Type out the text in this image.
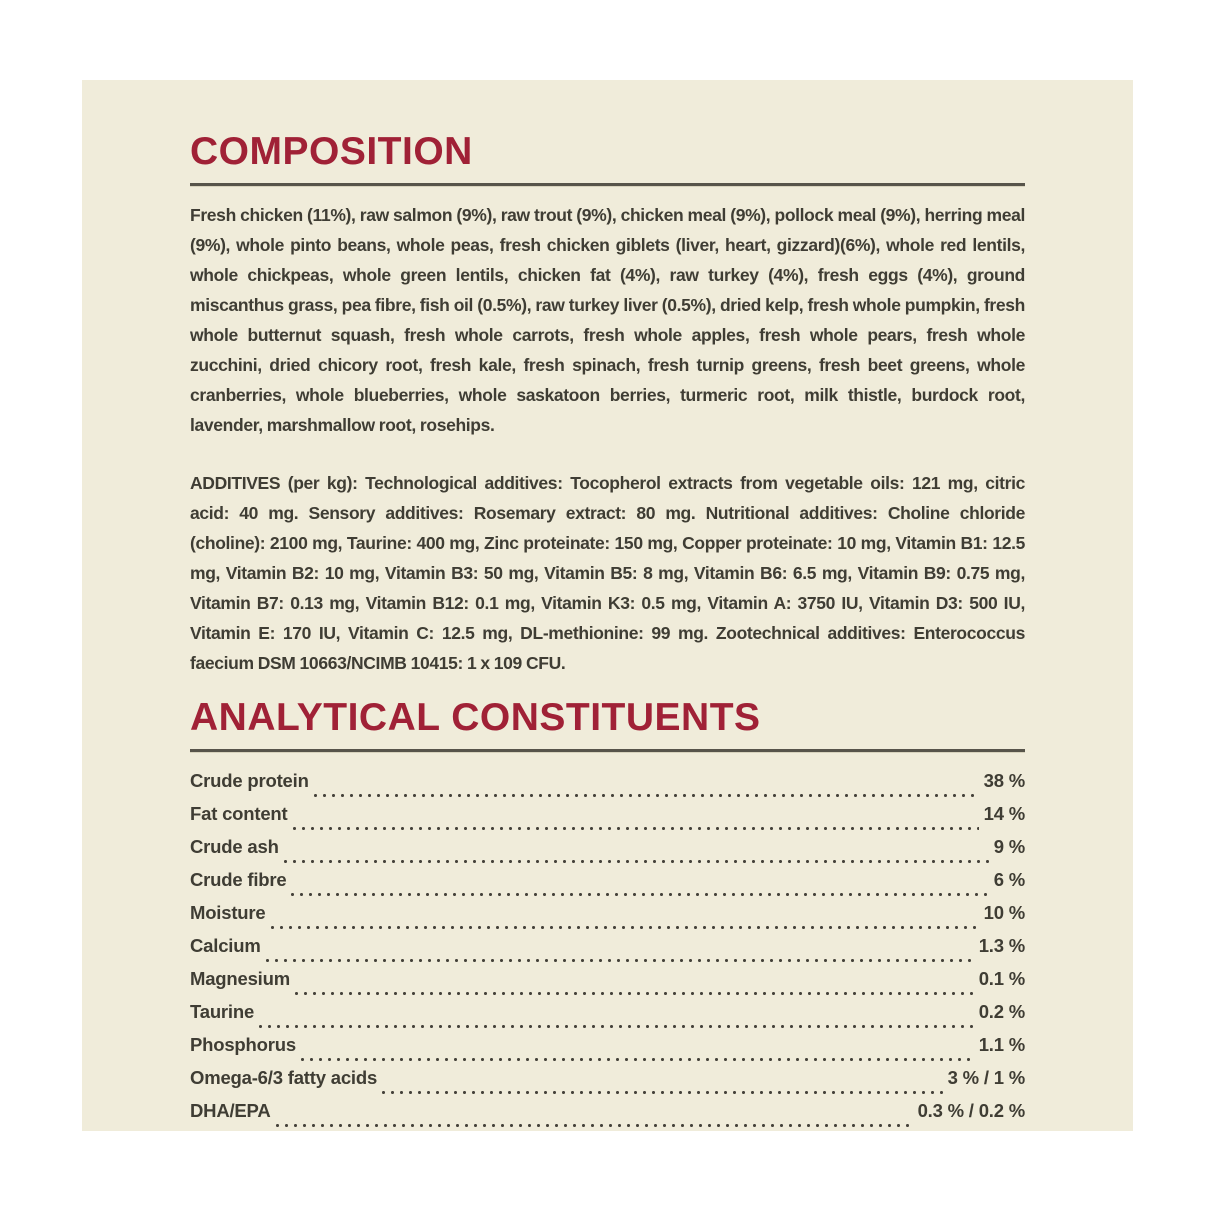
COMPOSITION

Fresh chicken (11%), raw salmon (9%), raw trout (9%), chicken meal (9%), pollock meal (9%), herring meal (9%), whole pinto beans, whole peas, fresh chicken giblets (liver, heart, gizzard)(6%), whole red lentils, whole chickpeas, whole green lentils, chicken fat (4%), raw turkey (4%), fresh eggs (4%), ground miscanthus grass, pea fibre, fish oil (0.5%), raw turkey liver (0.5%), dried kelp, fresh whole pumpkin, fresh whole butternut squash, fresh whole carrots, fresh whole apples, fresh whole pears, fresh whole zucchini, dried chicory root, fresh kale, fresh spinach, fresh turnip greens, fresh beet greens, whole cranberries, whole blueberries, whole saskatoon berries, turmeric root, milk thistle, burdock root, lavender, marshmallow root, rosehips.

ADDITIVES (per kg): Technological additives: Tocopherol extracts from vegetable oils: 121 mg, citric acid: 40 mg. Sensory additives: Rosemary extract: 80 mg. Nutritional additives: Choline chloride (choline): 2100 mg, Taurine: 400 mg, Zinc proteinate: 150 mg, Copper proteinate: 10 mg, Vitamin B1: 12.5 mg, Vitamin B2: 10 mg, Vitamin B3: 50 mg, Vitamin B5: 8 mg, Vitamin B6: 6.5 mg, Vitamin B9: 0.75 mg, Vitamin B7: 0.13 mg, Vitamin B12: 0.1 mg, Vitamin K3: 0.5 mg, Vitamin A: 3750 IU, Vitamin D3: 500 IU, Vitamin E: 170 IU, Vitamin C: 12.5 mg, DL-methionine: 99 mg. Zootechnical additives: Enterococcus faecium DSM 10663/NCIMB 10415: 1 x 109 CFU.

ANALYTICAL CONSTITUENTS
Crude protein	38 %
Fat content	14 %
Crude ash	9 %
Crude fibre	6 %
Moisture	10 %
Calcium	1.3 %
Magnesium	0.1 %
Taurine	0.2 %
Phosphorus	1.1 %
Omega-6/3 fatty acids	3 % / 1 %
DHA/EPA	0.3 % / 0.2 %
